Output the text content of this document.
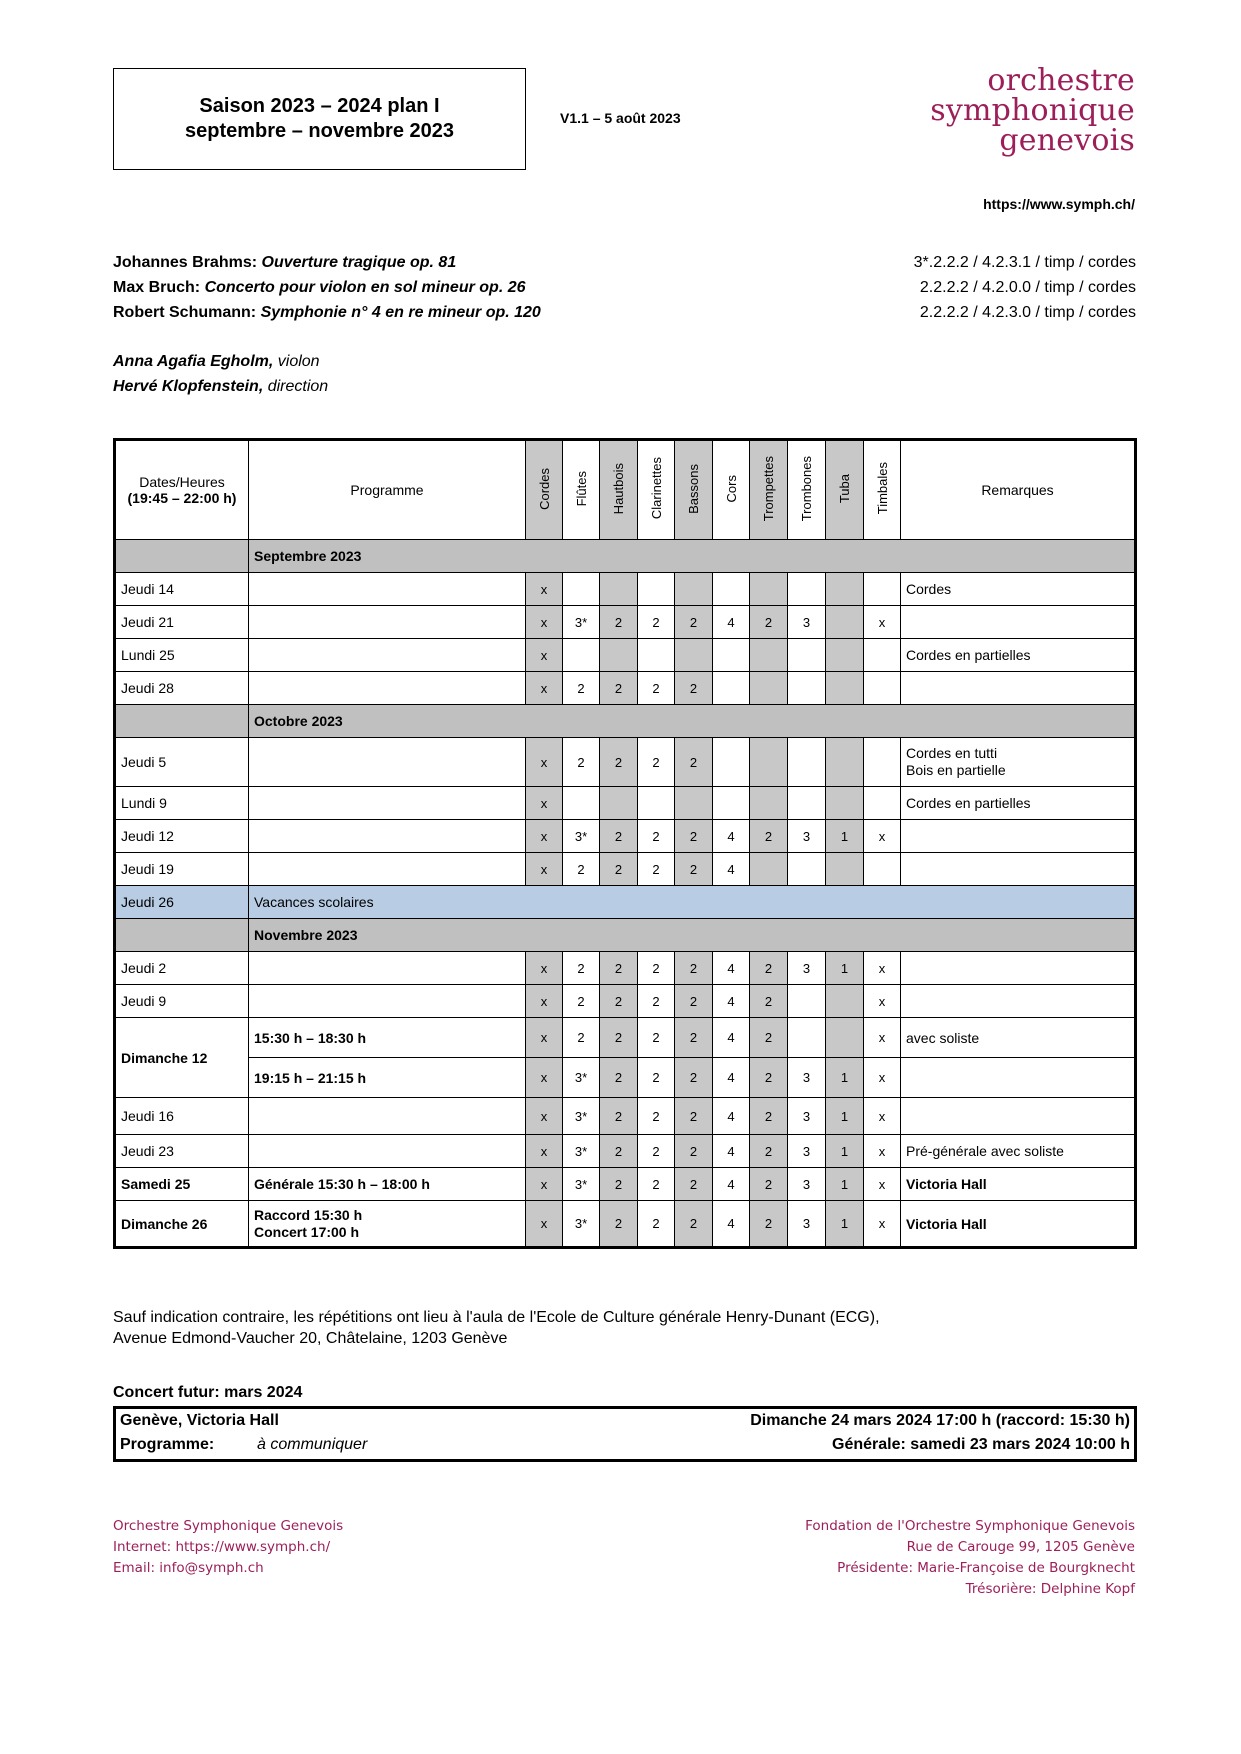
Saison 2023 – 2024 plan I
septembre – novembre 2023
V1.1 – 5 août 2023
orchestre
symphonique
genevois
https://www.symph.ch/
Johannes Brahms: Ouverture tragique op. 81	3*.2.2.2 / 4.2.3.1 / timp / cordes
Max Bruch: Concerto pour violon en sol mineur op. 26	2.2.2.2 / 4.2.0.0 / timp / cordes
Robert Schumann: Symphonie n° 4 en re mineur op. 120	2.2.2.2 / 4.2.3.0 / timp / cordes
Anna Agafia Egholm, violon
Hervé Klopfenstein, direction
Dates/Heures
(19:45 – 22:00 h)	Programme	Cordes	Flûtes	Hautbois	Clarinettes	Bassons	Cors	Trompettes	Trombones	Tuba	Timbales	Remarques
	Septembre 2023											
Jeudi 14		x										Cordes
Jeudi 21		x	3*	2	2	2	4	2	3		x	
Lundi 25		x										Cordes en partielles
Jeudi 28		x	2	2	2	2						
	Octobre 2023											
Jeudi 5		x	2	2	2	2						Cordes en tutti
Bois en partielle

Lundi 9		x										Cordes en partielles
Jeudi 12		x	3*	2	2	2	4	2	3	1	x	
Jeudi 19		x	2	2	2	2	4					
Jeudi 26	Vacances scolaires											
	Novembre 2023											
Jeudi 2		x	2	2	2	2	4	2	3	1	x	
Jeudi 9		x	2	2	2	2	4	2			x	
Dimanche 12	15:30 h – 18:30 h	x	2	2	2	2	4	2			x	avec soliste
	19:15 h – 21:15 h	x	3*	2	2	2	4	2	3	1	x	
Jeudi 16		x	3*	2	2	2	4	2	3	1	x	
Jeudi 23		x	3*	2	2	2	4	2	3	1	x	Pré-générale avec soliste
Samedi 25	Générale 15:30 h – 18:00 h	x	3*	2	2	2	4	2	3	1	x	Victoria Hall
Dimanche 26	Raccord 15:30 h
Concert 17:00 h	x	3*	2	2	2	4	2	3	1	x	Victoria Hall
Sauf indication contraire, les répétitions ont lieu à l'aula de l'Ecole de Culture générale Henry-Dunant (ECG),
Avenue Edmond-Vaucher 20, Châtelaine, 1203 Genève
Concert futur: mars 2024
Genève, Victoria Hall	Dimanche 24 mars 2024 17:00 h (raccord: 15:30 h)
Programme:	à communiquer	Générale: samedi 23 mars 2024 10:00 h
Orchestre Symphonique Genevois
Internet: https://www.symph.ch/
Email: info@symph.ch
Fondation de l'Orchestre Symphonique Genevois
Rue de Carouge 99, 1205 Genève
Présidente: Marie-Françoise de Bourgknecht
Trésorière: Delphine Kopf
